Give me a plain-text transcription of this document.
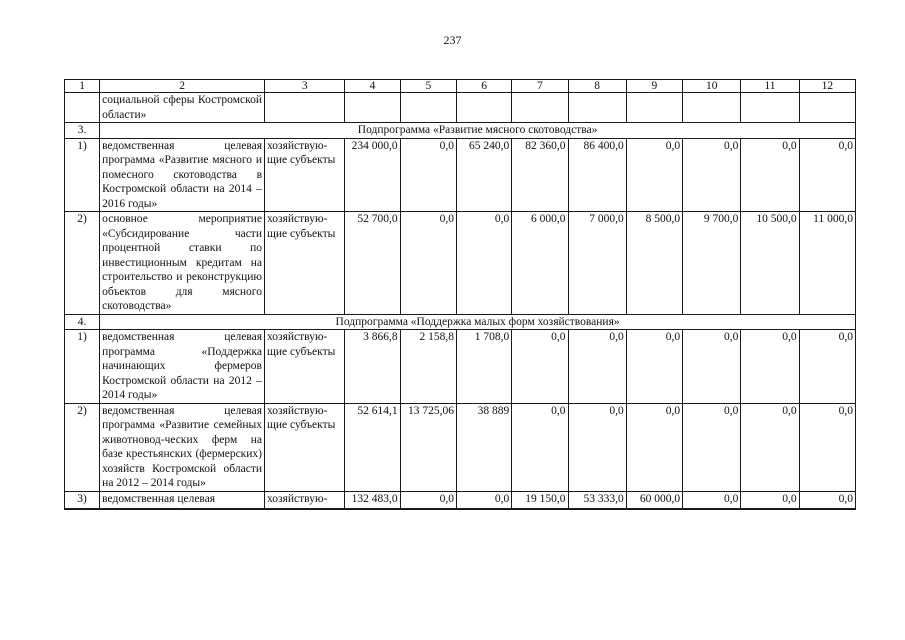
237
1	2	3	4	5	6	7	8	9	10	11	12
	социальной сферы Костромской области»										
3.	Подпрограмма «Развитие мясного скотоводства»										
1)	ведомственная целевая программа «Развитие мясного и помесного скотоводства в Костромской области на 2014 – 2016 годы»	хозяйствую-щие субъекты	234 000,0	0,0	65 240,0	82 360,0	86 400,0	0,0	0,0	0,0	0,0
2)	основное мероприятие «Субсидирование части процентной ставки по инвестиционным кредитам на строительство и реконструкцию объектов для мясного скотоводства»	хозяйствую-щие субъекты	52 700,0	0,0	0,0	6 000,0	7 000,0	8 500,0	9 700,0	10 500,0	11 000,0
4.	Подпрограмма «Поддержка малых форм хозяйствования»										
1)	ведомственная целевая программа «Поддержка начинающих фермеров Костромской области на 2012 – 2014 годы»	хозяйствую-щие субъекты	3 866,8	2 158,8	1 708,0	0,0	0,0	0,0	0,0	0,0	0,0
2)	ведомственная целевая программа «Развитие семейных животновод-ческих ферм на базе крестьянских (фермерских) хозяйств Костромской области на 2012 – 2014 годы»	хозяйствую-щие субъекты	52 614,1	13 725,06	38 889	0,0	0,0	0,0	0,0	0,0	0,0
3)	ведомственная целевая	хозяйствую-	132 483,0	0,0	0,0	19 150,0	53 333,0	60 000,0	0,0	0,0	0,0
